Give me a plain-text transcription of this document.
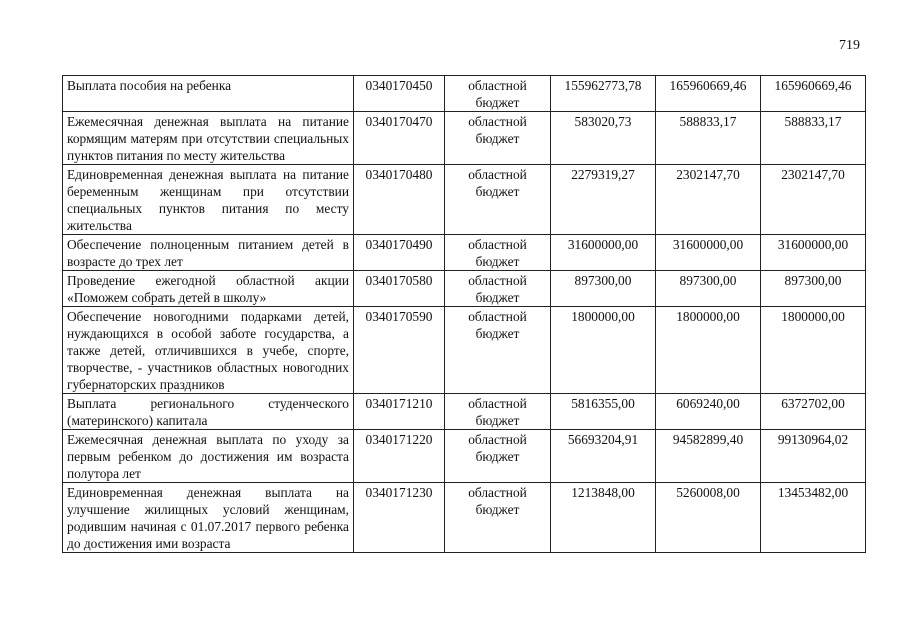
719
Выплата пособия на ребенка	0340170450	областной бюджет	155962773,78	165960669,46	165960669,46

Ежемесячная денежная выплата на питание кормящим матерям при отсутствии специальных пунктов питания по месту жительства	0340170470	областной бюджет	583020,73	588833,17	588833,17

Единовременная денежная выплата на питание беременным женщинам при отсутствии специальных пунктов питания по месту жительства	0340170480	областной бюджет	2279319,27	2302147,70	2302147,70

Обеспечение полноценным питанием детей в возрасте до трех лет	0340170490	областной бюджет	31600000,00	31600000,00	31600000,00

Проведение ежегодной областной акции «Поможем собрать детей в школу»	0340170580	областной бюджет	897300,00	897300,00	897300,00

Обеспечение новогодними подарками детей, нуждающихся в особой заботе государства, а также детей, отличившихся в учебе, спорте, творчестве, - участников областных новогодних губернаторских праздников	0340170590	областной бюджет	1800000,00	1800000,00	1800000,00

Выплата регионального студенческого (материнского) капитала	0340171210	областной бюджет	5816355,00	6069240,00	6372702,00

Ежемесячная денежная выплата по уходу за первым ребенком до достижения им возраста полутора лет	0340171220	областной бюджет	56693204,91	94582899,40	99130964,02

Единовременная денежная выплата на улучшение жилищных условий женщинам, родившим начиная с 01.07.2017 первого ребенка до достижения ими возраста	0340171230	областной бюджет	1213848,00	5260008,00	13453482,00
